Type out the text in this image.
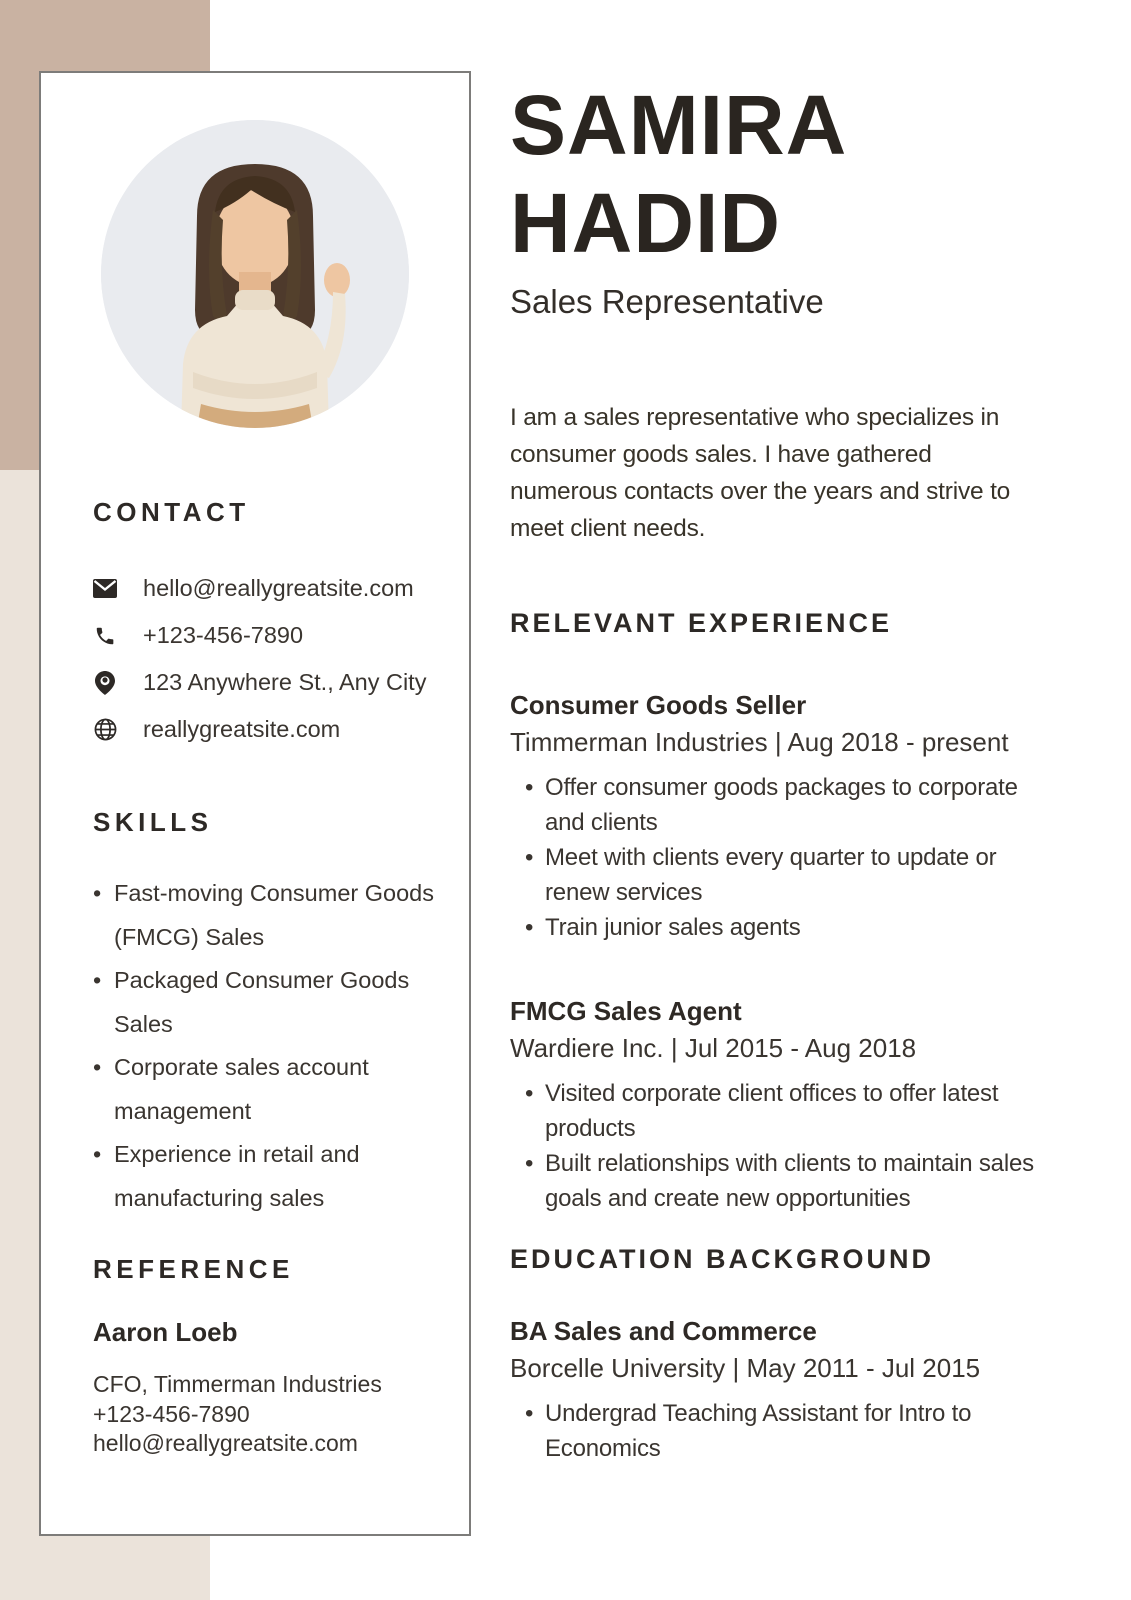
CONTACT
hello@reallygreatsite.com
+123-456-7890
123 Anywhere St., Any City
reallygreatsite.com
SKILLS
• Fast-moving Consumer Goods (FMCG) Sales
• Packaged Consumer Goods Sales
• Corporate sales account management
• Experience in retail and manufacturing sales
REFERENCE
Aaron Loeb
CFO, Timmerman Industries
+123-456-7890
hello@reallygreatsite.com
SAMIRA
HADID
Sales Representative

I am a sales representative who specializes in consumer goods sales. I have gathered numerous contacts over the years and strive to meet client needs.

RELEVANT EXPERIENCE
Consumer Goods Seller
Timmerman Industries | Aug 2018 - present
• Offer consumer goods packages to corporate and clients
• Meet with clients every quarter to update or renew services
• Train junior sales agents
FMCG Sales Agent
Wardiere Inc. | Jul 2015 - Aug 2018
• Visited corporate client offices to offer latest products
• Built relationships with clients to maintain sales goals and create new opportunities
EDUCATION BACKGROUND
BA Sales and Commerce
Borcelle University | May 2011 - Jul 2015
• Undergrad Teaching Assistant for Intro to Economics
